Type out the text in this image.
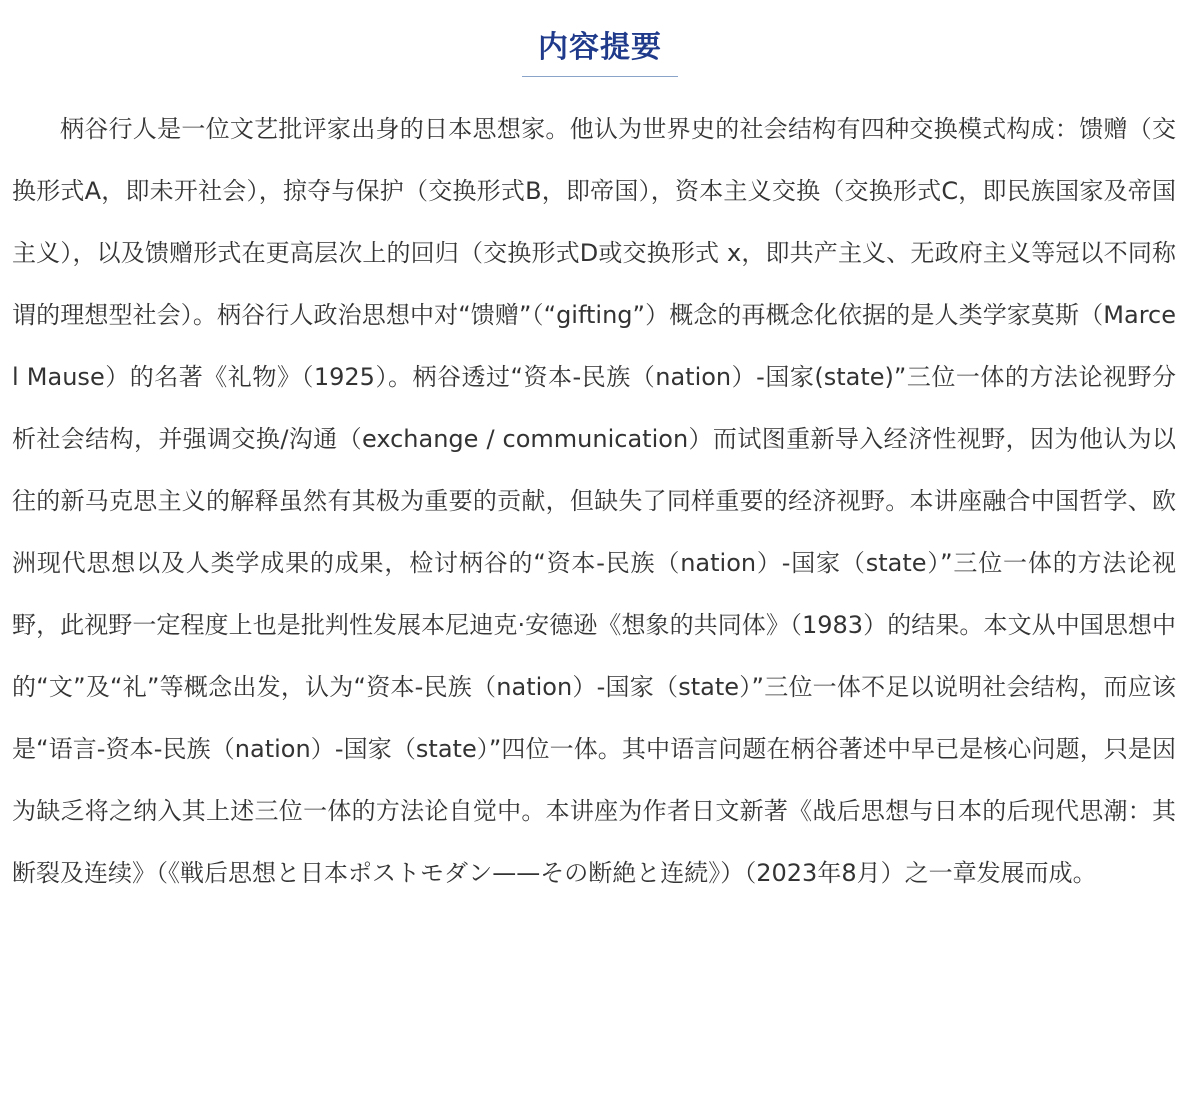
内容提要

柄谷行人是一位文艺批评家出身的日本思想家。他认为世界史的社会结构有四种交换模式构成：馈赠（交换形式A，即未开社会），掠夺与保护（交换形式B，即帝国），资本主义交换（交换形式C，即民族国家及帝国主义），以及馈赠形式在更高层次上的回归（交换形式D或交换形式 x，即共产主义、无政府主义等冠以不同称谓的理想型社会）。柄谷行人政治思想中对“馈赠”（“gifting”）概念的再概念化依据的是人类学家莫斯（Marcel Mause）的名著《礼物》（1925）。柄谷透过“资本-民族（nation）-国家(state)”三位一体的方法论视野分析社会结构，并强调交换/沟通（exchange / communication）而试图重新导入经济性视野，因为他认为以往的新马克思主义的解释虽然有其极为重要的贡献，但缺失了同样重要的经济视野。本讲座融合中国哲学、欧洲现代思想以及人类学成果的成果，检讨柄谷的“资本-民族（nation）-国家（state）”三位一体的方法论视野，此视野一定程度上也是批判性发展本尼迪克·安德逊《想象的共同体》（1983）的结果。本文从中国思想中的“文”及“礼”等概念出发，认为“资本-民族（nation）-国家（state）”三位一体不足以说明社会结构，而应该是“语言-资本-民族（nation）-国家（state）”四位一体。其中语言问题在柄谷著述中早已是核心问题，只是因为缺乏将之纳入其上述三位一体的方法论自觉中。本讲座为作者日文新著《战后思想与日本的后现代思潮：其断裂及连续》（《戦后思想と日本ポストモダン——その断絶と连続》）（2023年8月）之一章发展而成。
